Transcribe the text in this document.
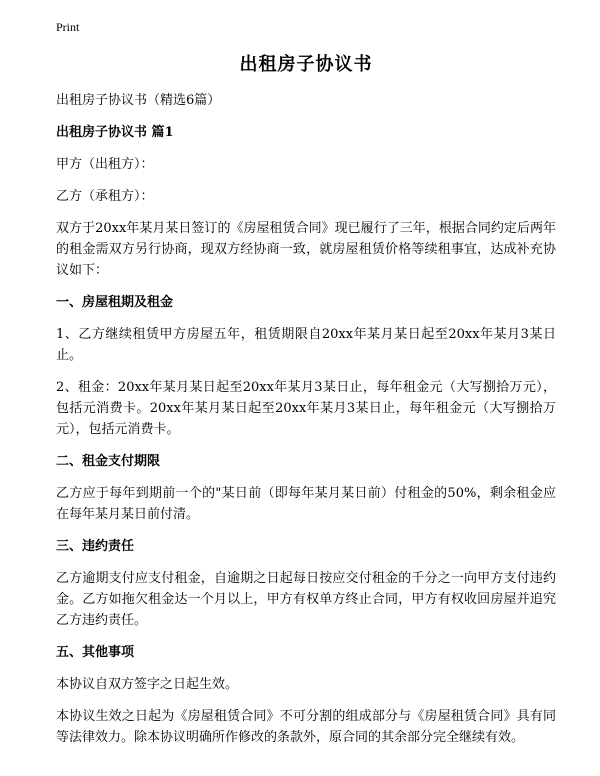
Print
出租房子协议书
出租房子协议书（精选6篇）
出租房子协议书 篇1
甲方（出租方）：
乙方（承租方）：
双方于20xx年某月某日签订的《房屋租赁合同》现已履行了三年，根据合同约定后两年的租金需双方另行协商，现双方经协商一致，就房屋租赁价格等续租事宜，达成补充协议如下：
一、房屋租期及租金
1、乙方继续租赁甲方房屋五年，租赁期限自20xx年某月某日起至20xx年某月3某日止。
2、租金：20xx年某月某日起至20xx年某月3某日止，每年租金元（大写捌拾万元），包括元消费卡。20xx年某月某日起至20xx年某月3某日止，每年租金元（大写捌拾万元），包括元消费卡。
二、租金支付期限
乙方应于每年到期前一个的"某日前（即每年某月某日前）付租金的50%，剩余租金应在每年某月某日前付清。
三、违约责任
乙方逾期支付应支付租金，自逾期之日起每日按应交付租金的千分之一向甲方支付违约金。乙方如拖欠租金达一个月以上，甲方有权单方终止合同，甲方有权收回房屋并追究乙方违约责任。
五、其他事项
本协议自双方签字之日起生效。
本协议生效之日起为《房屋租赁合同》不可分割的组成部分与《房屋租赁合同》具有同等法律效力。除本协议明确所作修改的条款外，原合同的其余部分完全继续有效。
